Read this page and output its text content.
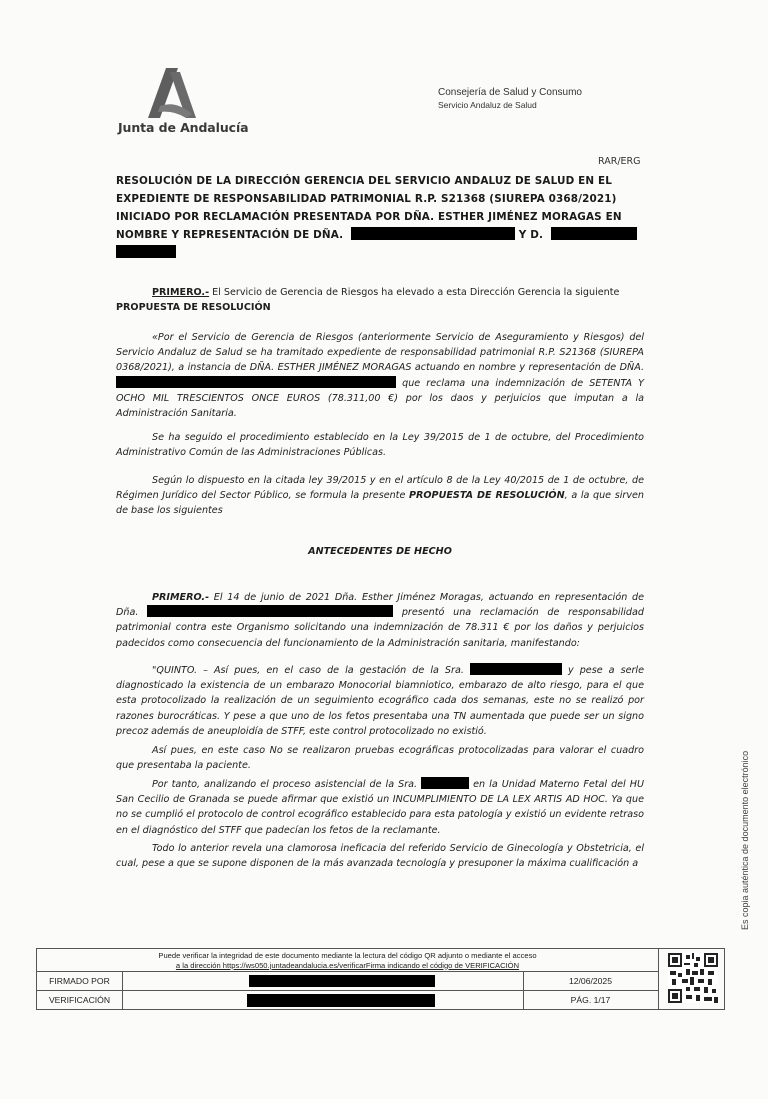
Junta de Andalucía
Consejería de Salud y Consumo
Servicio Andaluz de Salud
RAR/ERG
RESOLUCIÓN DE LA DIRECCIÓN GERENCIA DEL SERVICIO ANDALUZ DE SALUD EN EL
EXPEDIENTE DE RESPONSABILIDAD PATRIMONIAL R.P. S21368 (SIUREPA 0368/2021)
INICIADO POR RECLAMACIÓN PRESENTADA POR DÑA. ESTHER JIMÉNEZ MORAGAS EN
NOMBRE Y REPRESENTACIÓN DE DÑA.	Y D.
PRIMERO.- El Servicio de Gerencia de Riesgos ha elevado a esta Dirección Gerencia la siguiente
PROPUESTA DE RESOLUCIÓN
«Por el Servicio de Gerencia de Riesgos (anteriormente Servicio de Aseguramiento y Riesgos) del Servicio Andaluz de Salud se ha tramitado expediente de responsabilidad patrimonial R.P. S21368 (SIUREPA 0368/2021), a instancia de DÑA. ESTHER JIMÉNEZ MORAGAS actuando en nombre y representación de DÑA.  que reclama una indemnización de SETENTA Y OCHO MIL TRESCIENTOS ONCE EUROS (78.311,00 €) por los daos y perjuicios que imputan a la Administración Sanitaria.
Se ha seguido el procedimiento establecido en la Ley 39/2015 de 1 de octubre, del Procedimiento Administrativo Común de las Administraciones Públicas.
Según lo dispuesto en la citada ley 39/2015 y en el artículo 8 de la Ley 40/2015 de 1 de octubre, de Régimen Jurídico del Sector Público, se formula la presente PROPUESTA DE RESOLUCIÓN, a la que sirven de base los siguientes
ANTECEDENTES DE HECHO
PRIMERO.- El 14 de junio de 2021 Dña. Esther Jiménez Moragas, actuando en representación de Dña.	presentó una reclamación de responsabilidad patrimonial contra este Organismo solicitando una indemnización de 78.311 € por los daños y perjuicios padecidos como consecuencia del funcionamiento de la Administración sanitaria, manifestando:
"QUINTO. – Así pues, en el caso de la gestación de la Sra.	y pese a serle diagnosticado la existencia de un embarazo Monocorial biamniotico, embarazo de alto riesgo, para el que esta protocolizado la realización de un seguimiento ecográfico cada dos semanas, este no se realizó por razones burocráticas. Y pese a que uno de los fetos presentaba una TN aumentada que puede ser un signo precoz además de aneuploidía de STFF, este control protocolizado no existió.
Así pues, en este caso No se realizaron pruebas ecográficas protocolizadas para valorar el cuadro que presentaba la paciente.
Por tanto, analizando el proceso asistencial de la Sra.	en la Unidad Materno Fetal del HU San Cecilio de Granada se puede afirmar que existió un INCUMPLIMIENTO DE LA LEX ARTIS AD HOC. Ya que no se cumplió el protocolo de control ecográfico establecido para esta patología y existió un evidente retraso en el diagnóstico del STFF que padecían los fetos de la reclamante.
Todo lo anterior revela una clamorosa ineficacia del referido Servicio de Ginecología y Obstetricia, el cual, pese a que se supone disponen de la más avanzada tecnología y presuponer la máxima cualificación a
Puede verificar la integridad de este documento mediante la lectura del código QR adjunto o mediante el acceso
a la dirección https://ws050.juntadeandalucia.es/verificarFirma indicando el código de VERIFICACIÓN
FIRMADO POR	12/06/2025
VERIFICACIÓN	PÁG. 1/17
Es copia auténtica de documento electrónico
